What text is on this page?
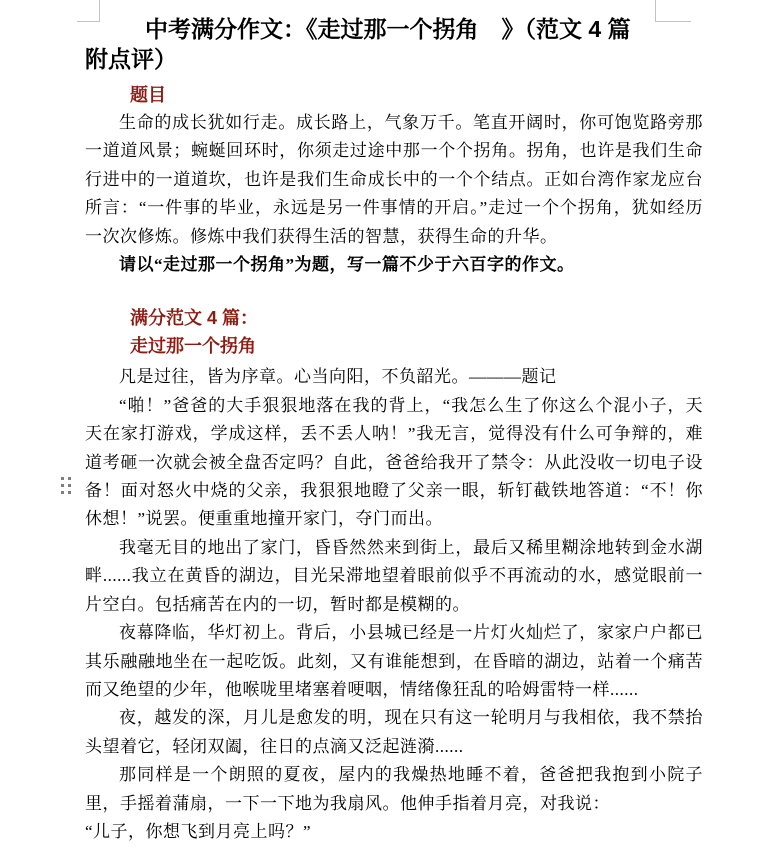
中考满分作文：《走过那一个拐角　》（范文 4 篇
附点评）
题目

生命的成长犹如行走。成长路上，气象万千。笔直开阔时，你可饱览路旁那一道道风景；蜿蜒回环时，你须走过途中那一个个拐角。拐角，也许是我们生命行进中的一道道坎，也许是我们生命成长中的一个个结点。正如台湾作家龙应台所言：“一件事的毕业，永远是另一件事情的开启。”走过一个个拐角，犹如经历一次次修炼。修炼中我们获得生活的智慧，获得生命的升华。

请以“走过那一个拐角”为题，写一篇不少于六百字的作文。

满分范文 4 篇：
走过那一个拐角

凡是过往，皆为序章。心当向阳，不负韶光。———题记

“啪！”爸爸的大手狠狠地落在我的背上，“我怎么生了你这么个混小子，天天在家打游戏，学成这样，丢不丢人呐！”我无言，觉得没有什么可争辩的，难道考砸一次就会被全盘否定吗？自此，爸爸给我开了禁令：从此没收一切电子设备！面对怒火中烧的父亲，我狠狠地瞪了父亲一眼，斩钉截铁地答道：“不！你休想！”说罢。便重重地撞开家门，夺门而出。

我毫无目的地出了家门，昏昏然然来到街上，最后又稀里糊涂地转到金水湖畔......我立在黄昏的湖边，目光呆滞地望着眼前似乎不再流动的水，感觉眼前一片空白。包括痛苦在内的一切，暂时都是模糊的。

夜幕降临，华灯初上。背后，小县城已经是一片灯火灿烂了，家家户户都已其乐融融地坐在一起吃饭。此刻，又有谁能想到，在昏暗的湖边，站着一个痛苦而又绝望的少年，他喉咙里堵塞着哽咽，情绪像狂乱的哈姆雷特一样......

夜，越发的深，月儿是愈发的明，现在只有这一轮明月与我相依，我不禁抬头望着它，轻闭双阖，往日的点滴又泛起涟漪......

那同样是一个朗照的夏夜，屋内的我燥热地睡不着，爸爸把我抱到小院子里，手摇着蒲扇，一下一下地为我扇风。他伸手指着月亮，对我说：

“儿子，你想飞到月亮上吗？”
